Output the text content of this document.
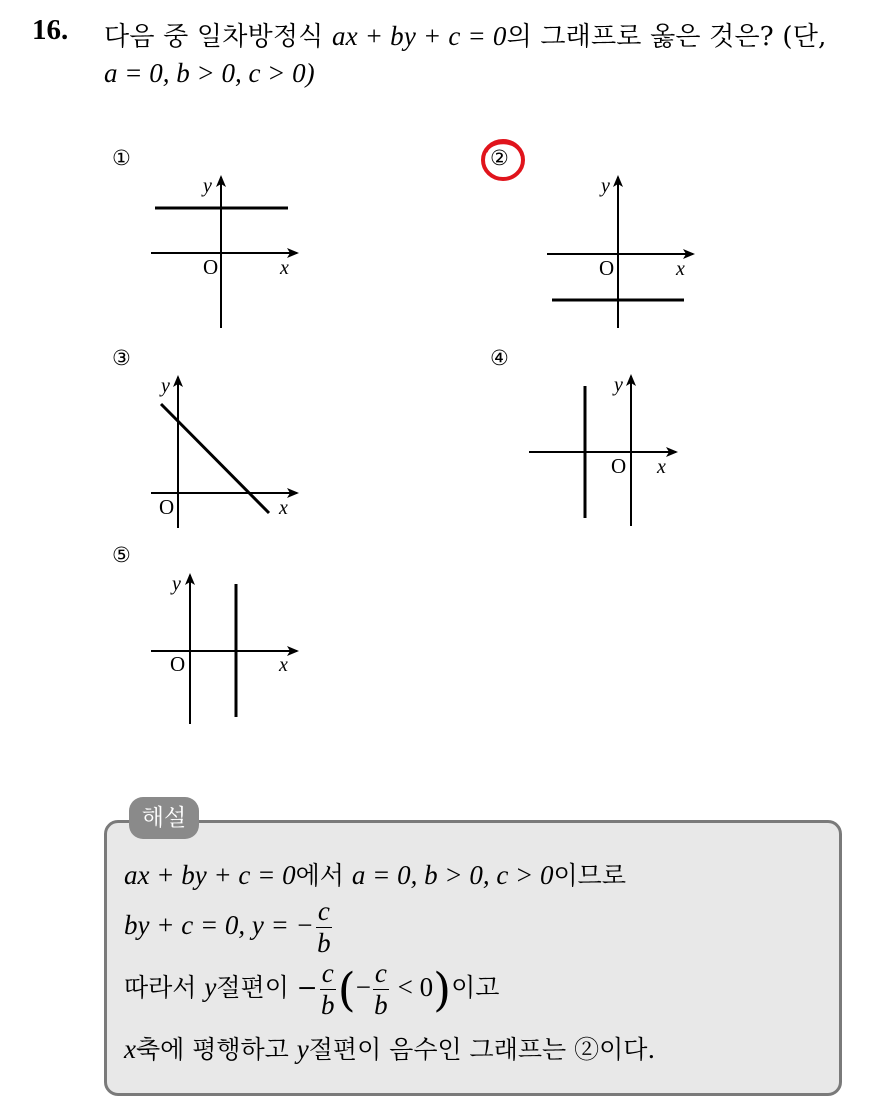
16. 다음 중 일차방정식 ax + by + c = 0의 그래프로 옳은 것은? (단,
a = 0, b > 0, c > 0)
①	②
③	④
⑤
y
O	x
y
O	x
y
O	x
y
O x
y
O	x
해설
ax + by + c = 0에서 a = 0, b > 0, c > 0이므로
by + c = 0, y = − $\frac{c}{b}$
따라서 y절편이 − $\frac{c}{b}$ (− $\frac{c}{b} < 0$)이고
x축에 평행하고 y절편이 음수인 그래프는 ②이다.
